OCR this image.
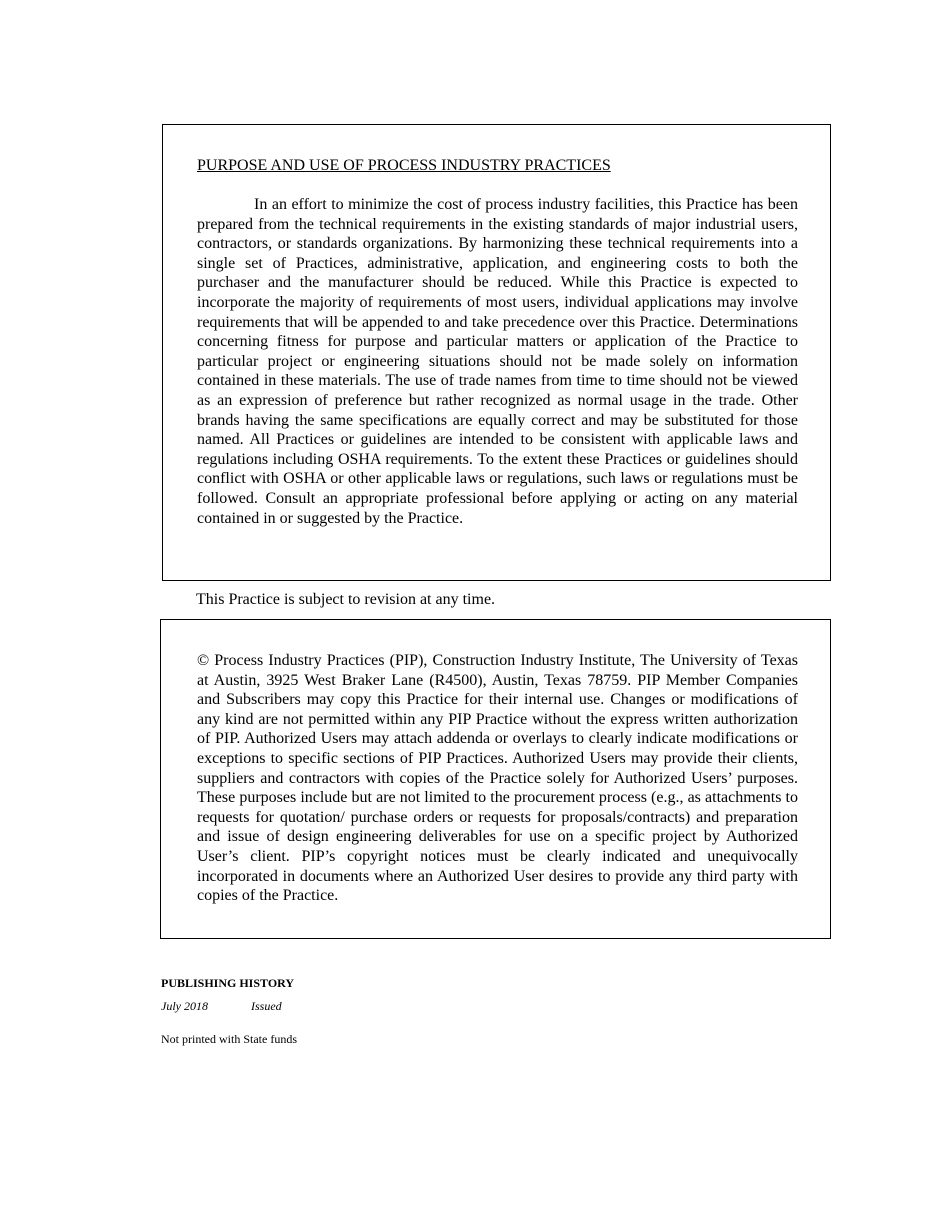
PURPOSE AND USE OF PROCESS INDUSTRY PRACTICES

In an effort to minimize the cost of process industry facilities, this Practice has been prepared from the technical requirements in the existing standards of major industrial users, contractors, or standards organizations. By harmonizing these technical requirements into a single set of Practices, administrative, application, and engineering costs to both the purchaser and the manufacturer should be reduced. While this Practice is expected to incorporate the majority of requirements of most users, individual applications may involve requirements that will be appended to and take precedence over this Practice. Determinations concerning fitness for purpose and particular matters or application of the Practice to particular project or engineering situations should not be made solely on information contained in these materials. The use of trade names from time to time should not be viewed as an expression of preference but rather recognized as normal usage in the trade. Other brands having the same specifications are equally correct and may be substituted for those named. All Practices or guidelines are intended to be consistent with applicable laws and regulations including OSHA requirements. To the extent these Practices or guidelines should conflict with OSHA or other applicable laws or regulations, such laws or regulations must be followed. Consult an appropriate professional before applying or acting on any material contained in or suggested by the Practice.

This Practice is subject to revision at any time.

© Process Industry Practices (PIP), Construction Industry Institute, The University of Texas at Austin, 3925 West Braker Lane (R4500), Austin, Texas 78759. PIP Member Companies and Subscribers may copy this Practice for their internal use. Changes or modifications of any kind are not permitted within any PIP Practice without the express written authorization of PIP. Authorized Users may attach addenda or overlays to clearly indicate modifications or exceptions to specific sections of PIP Practices. Authorized Users may provide their clients, suppliers and contractors with copies of the Practice solely for Authorized Users’ purposes. These purposes include but are not limited to the procurement process (e.g., as attachments to requests for quotation/ purchase orders or requests for proposals/contracts) and preparation and issue of design engineering deliverables for use on a specific project by Authorized User’s client. PIP’s copyright notices must be clearly indicated and unequivocally incorporated in documents where an Authorized User desires to provide any third party with copies of the Practice.

PUBLISHING HISTORY
July 2018	Issued

Not printed with State funds
